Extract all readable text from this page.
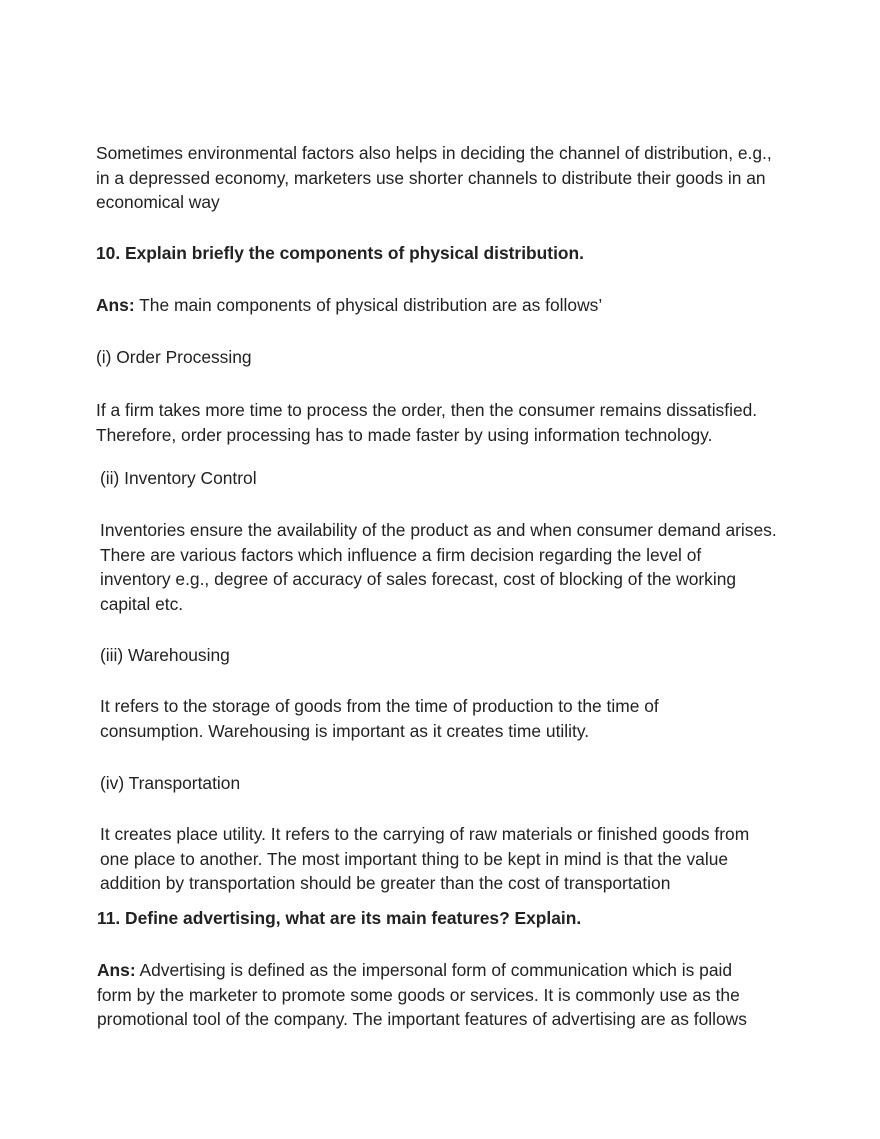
Sometimes environmental factors also helps in deciding the channel of distribution, e.g.,
in a depressed economy, marketers use shorter channels to distribute their goods in an
economical way

10. Explain briefly the components of physical distribution.

Ans: The main components of physical distribution are as follows’

(i) Order Processing

If a firm takes more time to process the order, then the consumer remains dissatisfied.
Therefore, order processing has to made faster by using information technology.

(ii) Inventory Control

Inventories ensure the availability of the product as and when consumer demand arises.
There are various factors which influence a firm decision regarding the level of
inventory e.g., degree of accuracy of sales forecast, cost of blocking of the working
capital etc.

(iii) Warehousing

It refers to the storage of goods from the time of production to the time of
consumption. Warehousing is important as it creates time utility.

(iv) Transportation

It creates place utility. It refers to the carrying of raw materials or finished goods from
one place to another. The most important thing to be kept in mind is that the value
addition by transportation should be greater than the cost of transportation

11. Define advertising, what are its main features? Explain.

Ans: Advertising is defined as the impersonal form of communication which is paid
form by the marketer to promote some goods or services. It is commonly use as the
promotional tool of the company. The important features of advertising are as follows
